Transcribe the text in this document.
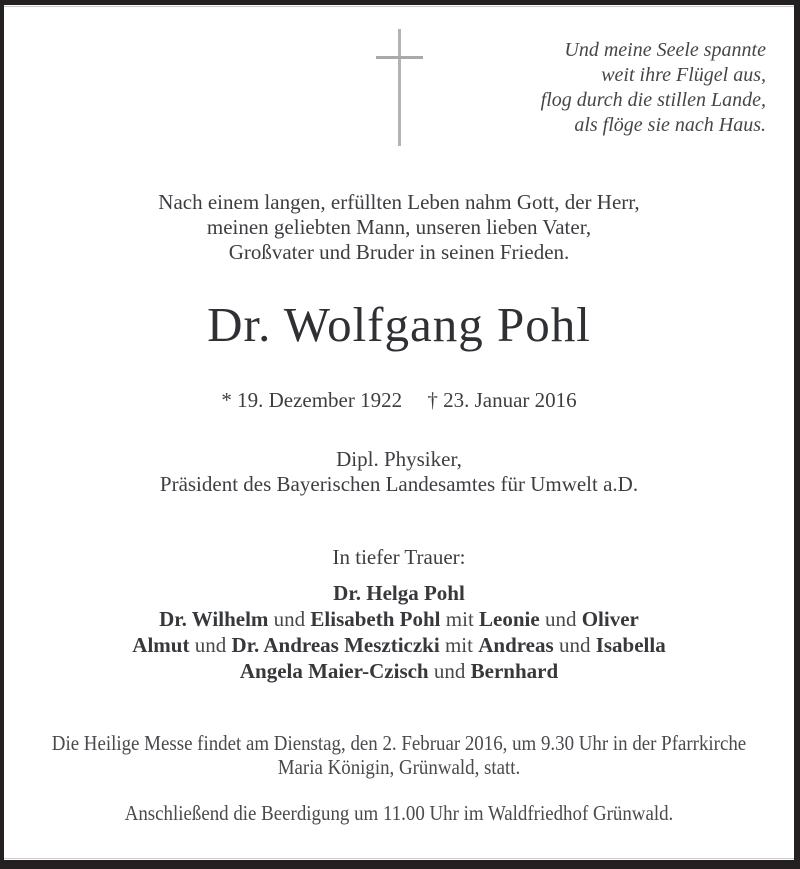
Und meine Seele spannte
weit ihre Flügel aus,
flog durch die stillen Lande,
als flöge sie nach Haus.
Nach einem langen, erfüllten Leben nahm Gott, der Herr,
meinen geliebten Mann, unseren lieben Vater,
Großvater und Bruder in seinen Frieden.
Dr. Wolfgang Pohl
* 19. Dezember 1922 † 23. Januar 2016
Dipl. Physiker,
Präsident des Bayerischen Landesamtes für Umwelt a.D.
In tiefer Trauer:
Dr. Helga Pohl
Dr. Wilhelm und Elisabeth Pohl mit Leonie und Oliver
Almut und Dr. Andreas Meszticzki mit Andreas und Isabella
Angela Maier-Czisch und Bernhard
Die Heilige Messe findet am Dienstag, den 2. Februar 2016, um 9.30 Uhr in der Pfarrkirche
Maria Königin, Grünwald, statt.
Anschließend die Beerdigung um 11.00 Uhr im Waldfriedhof Grünwald.
